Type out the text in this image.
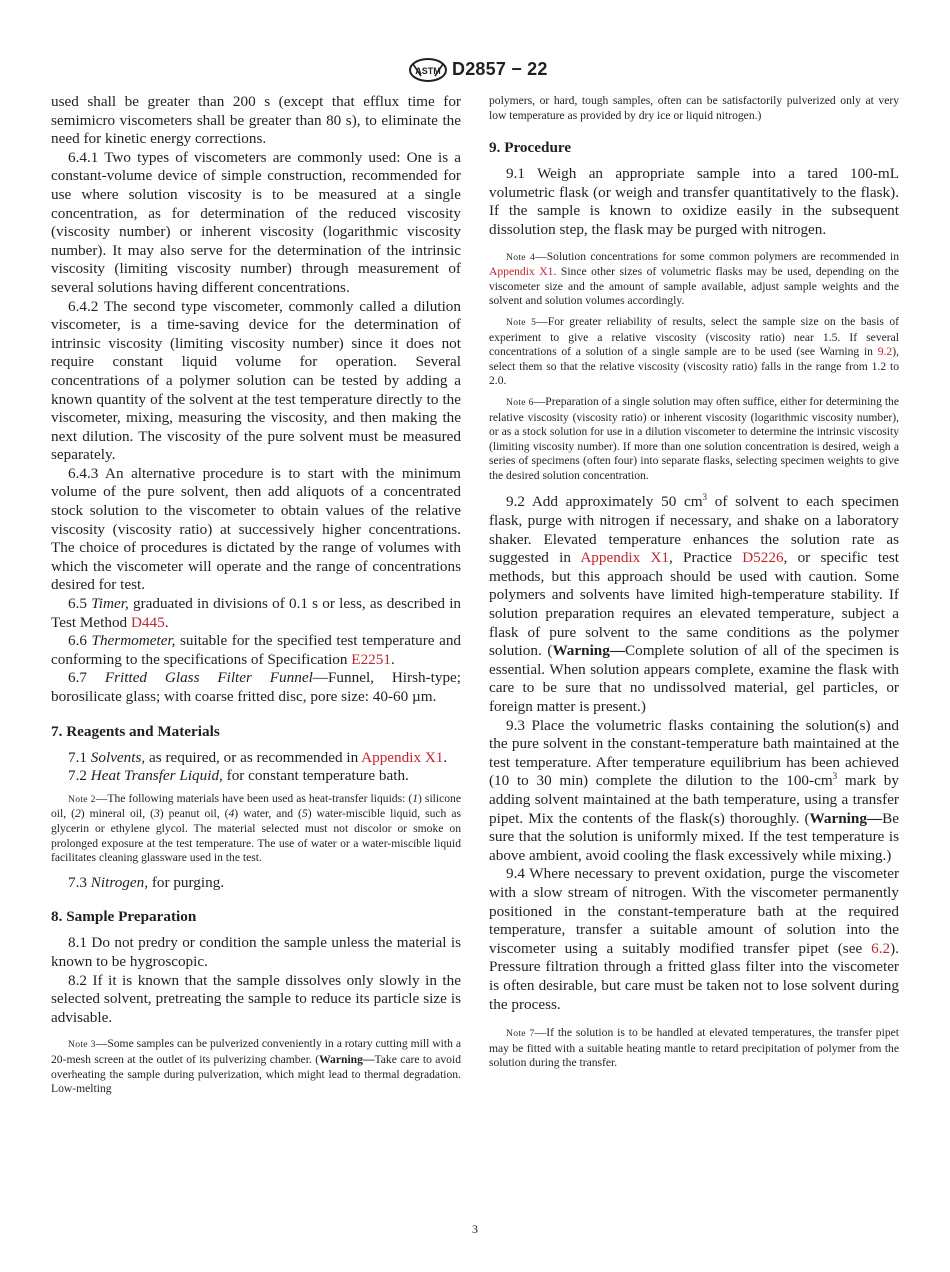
ASTM D2857 − 22

used shall be greater than 200 s (except that efflux time for semimicro viscometers shall be greater than 80 s), to eliminate the need for kinetic energy corrections.

6.4.1 Two types of viscometers are commonly used: One is a constant-volume device of simple construction, recommended for use where solution viscosity is to be measured at a single concentration, as for determination of the reduced viscosity (viscosity number) or inherent viscosity (logarithmic viscosity number). It may also serve for the determination of the intrinsic viscosity (limiting viscosity number) through measurement of several solutions having different concentrations.

6.4.2 The second type viscometer, commonly called a dilution viscometer, is a time-saving device for the determination of intrinsic viscosity (limiting viscosity number) since it does not require constant liquid volume for operation. Several concentrations of a polymer solution can be tested by adding a known quantity of the solvent at the test temperature directly to the viscometer, mixing, measuring the viscosity, and then making the next dilution. The viscosity of the pure solvent must be measured separately.

6.4.3 An alternative procedure is to start with the minimum volume of the pure solvent, then add aliquots of a concentrated stock solution to the viscometer to obtain values of the relative viscosity (viscosity ratio) at successively higher concentrations. The choice of procedures is dictated by the range of volumes with which the viscometer will operate and the range of concentrations desired for test.

6.5 Timer, graduated in divisions of 0.1 s or less, as described in Test Method D445.

6.6 Thermometer, suitable for the specified test temperature and conforming to the specifications of Specification E2251.

6.7 Fritted Glass Filter Funnel—Funnel, Hirsh-type; borosilicate glass; with coarse fritted disc, pore size: 40-60 µm.

7. Reagents and Materials

7.1 Solvents, as required, or as recommended in Appendix X1.

7.2 Heat Transfer Liquid, for constant temperature bath.

Note 2—The following materials have been used as heat-transfer liquids: (1) silicone oil, (2) mineral oil, (3) peanut oil, (4) water, and (5) water-miscible liquid, such as glycerin or ethylene glycol. The material selected must not discolor or smoke on prolonged exposure at the test temperature. The use of water or a water-miscible liquid facilitates cleaning glassware used in the test.

7.3 Nitrogen, for purging.

8. Sample Preparation

8.1 Do not predry or condition the sample unless the material is known to be hygroscopic.

8.2 If it is known that the sample dissolves only slowly in the selected solvent, pretreating the sample to reduce its particle size is advisable.

Note 3—Some samples can be pulverized conveniently in a rotary cutting mill with a 20-mesh screen at the outlet of its pulverizing chamber. (Warning—Take care to avoid overheating the sample during pulverization, which might lead to thermal degradation. Low-melting

polymers, or hard, tough samples, often can be satisfactorily pulverized only at very low temperature as provided by dry ice or liquid nitrogen.)

9. Procedure

9.1 Weigh an appropriate sample into a tared 100-mL volumetric flask (or weigh and transfer quantitatively to the flask). If the sample is known to oxidize easily in the subsequent dissolution step, the flask may be purged with nitrogen.

Note 4—Solution concentrations for some common polymers are recommended in Appendix X1. Since other sizes of volumetric flasks may be used, depending on the viscometer size and the amount of sample available, adjust sample weights and the solvent and solution volumes accordingly.

Note 5—For greater reliability of results, select the sample size on the basis of experiment to give a relative viscosity (viscosity ratio) near 1.5. If several concentrations of a solution of a single sample are to be used (see Warning in 9.2), select them so that the relative viscosity (viscosity ratio) falls in the range from 1.2 to 2.0.

Note 6—Preparation of a single solution may often suffice, either for determining the relative viscosity (viscosity ratio) or inherent viscosity (logarithmic viscosity number), or as a stock solution for use in a dilution viscometer to determine the intrinsic viscosity (limiting viscosity number). If more than one solution concentration is desired, weigh a series of specimens (often four) into separate flasks, selecting specimen weights to give the desired solution concentration.

9.2 Add approximately 50 $cm^3$ of solvent to each specimen flask, purge with nitrogen if necessary, and shake on a laboratory shaker. Elevated temperature enhances the solution rate as suggested in Appendix X1, Practice D5226, or specific test methods, but this approach should be used with caution. Some polymers and solvents have limited high-temperature stability. If solution preparation requires an elevated temperature, subject a flask of pure solvent to the same conditions as the polymer solution. (Warning—Complete solution of all of the specimen is essential. When solution appears complete, examine the flask with care to be sure that no undissolved material, gel particles, or foreign matter is present.)

9.3 Place the volumetric flasks containing the solution(s) and the pure solvent in the constant-temperature bath maintained at the test temperature. After temperature equilibrium has been achieved (10 to 30 min) complete the dilution to the $100-cm^3$ mark by adding solvent maintained at the bath temperature, using a transfer pipet. Mix the contents of the flask(s) thoroughly. (Warning—Be sure that the solution is uniformly mixed. If the test temperature is above ambient, avoid cooling the flask excessively while mixing.)

9.4 Where necessary to prevent oxidation, purge the viscometer with a slow stream of nitrogen. With the viscometer permanently positioned in the constant-temperature bath at the required temperature, transfer a suitable amount of solution into the viscometer using a suitably modified transfer pipet (see 6.2). Pressure filtration through a fritted glass filter into the viscometer is often desirable, but care must be taken not to lose solvent during the process.

Note 7—If the solution is to be handled at elevated temperatures, the transfer pipet may be fitted with a suitable heating mantle to retard precipitation of polymer from the solution during the transfer.

3
